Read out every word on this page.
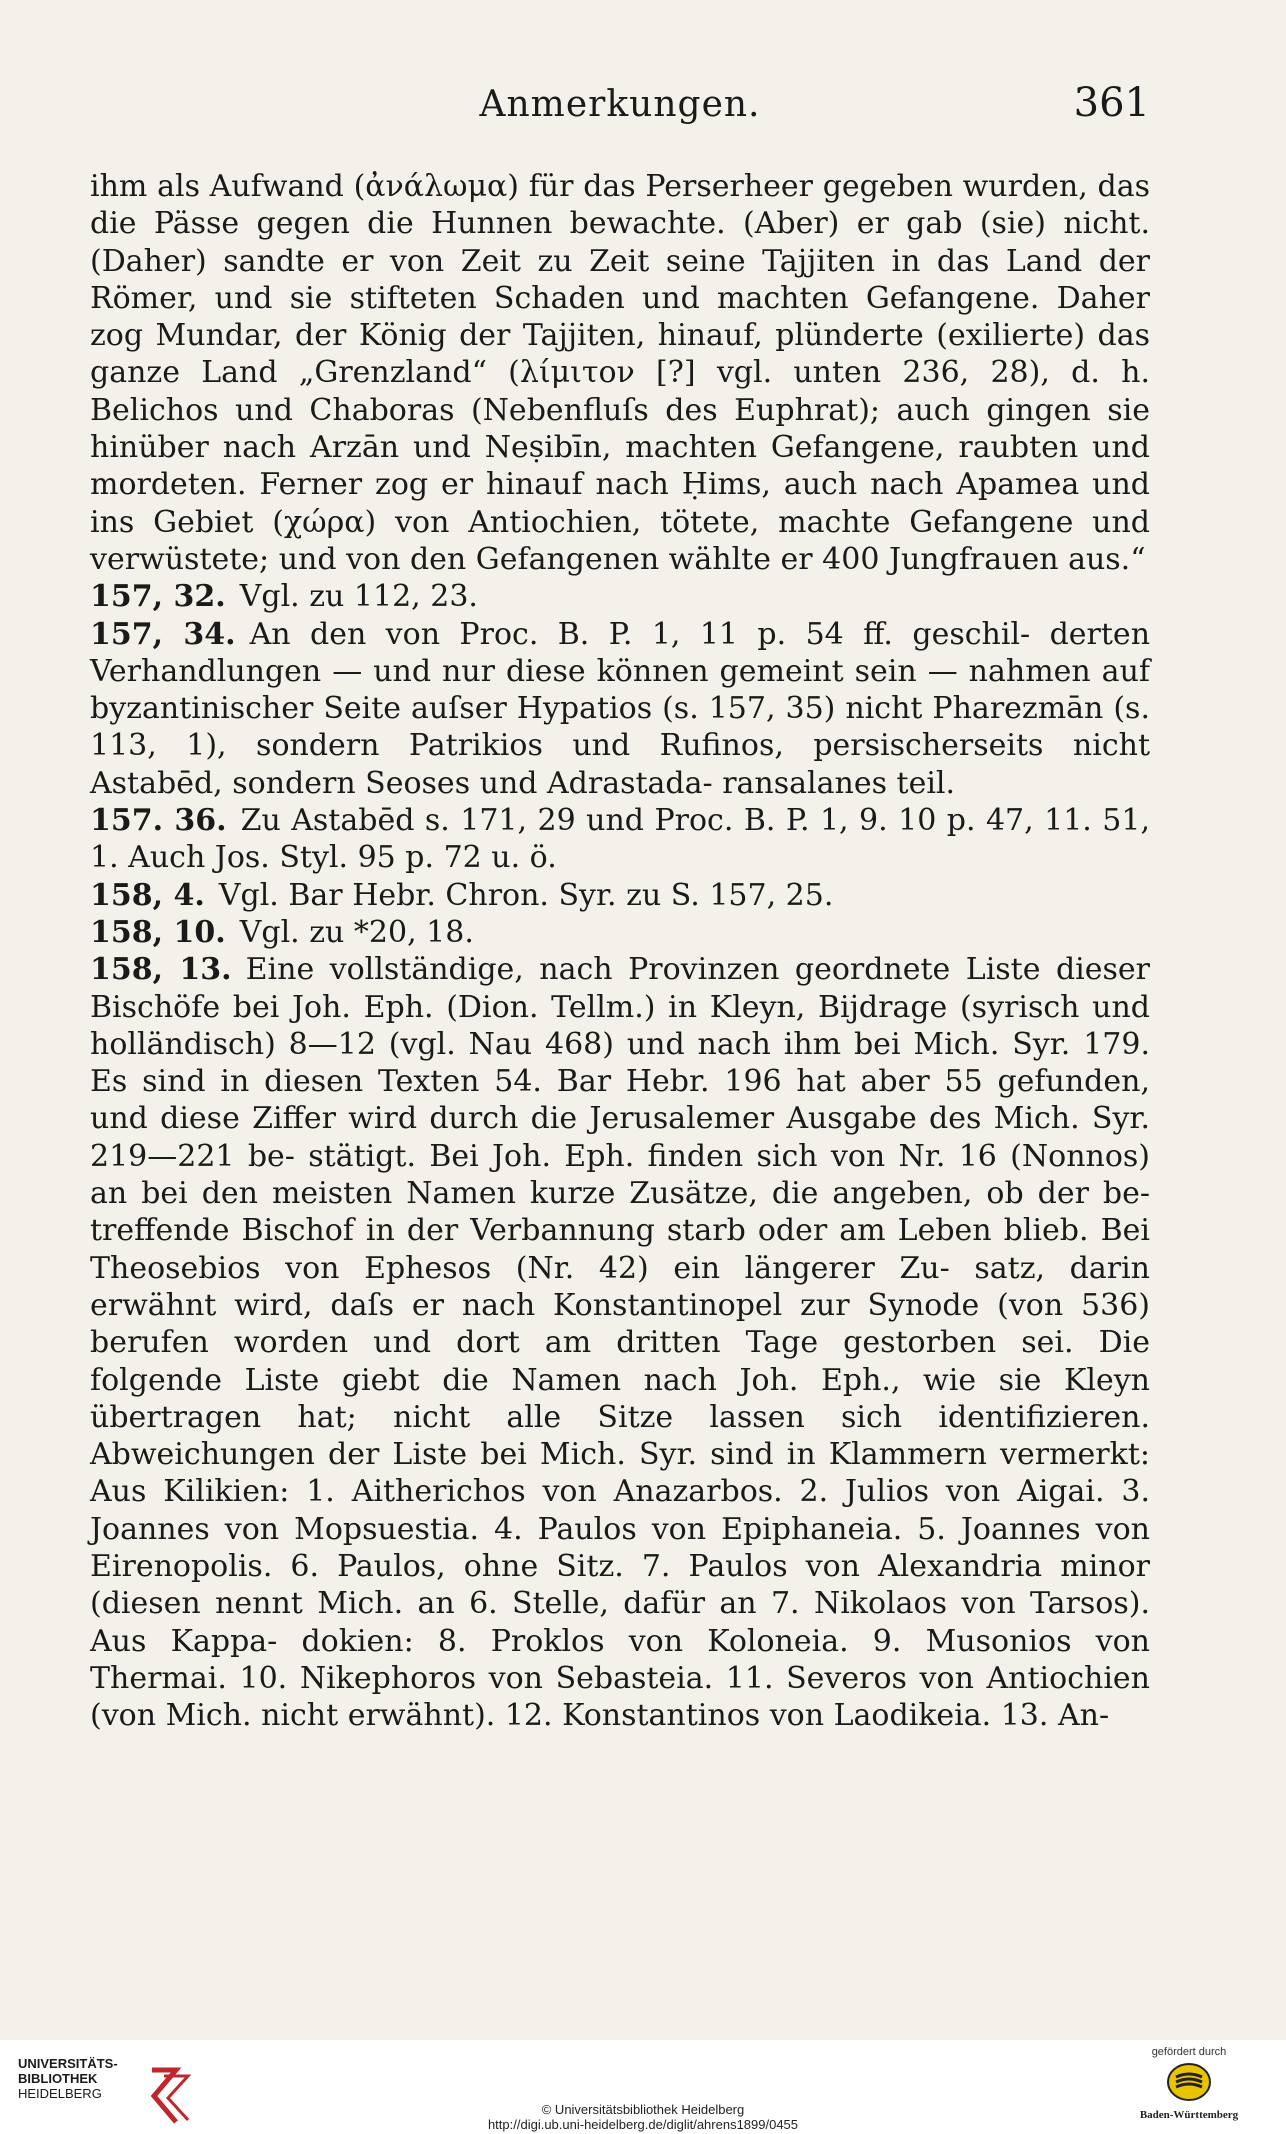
Anmerkungen.	361

ihm als Aufwand (ἀνάλωμα) für das Perserheer gegeben wurden, das die Pässe gegen die Hunnen bewachte. (Aber) er gab (sie) nicht. (Daher) sandte er von Zeit zu Zeit seine Tajjiten in das Land der Römer, und sie stifteten Schaden und machten Gefangene. Daher zog Mundar, der König der Tajjiten, hinauf, plünderte (exilierte) das ganze Land „Grenzland“ (λίμιτον [?] vgl. unten 236, 28), d. h. Belichos und Chaboras (Nebenfluſs des Euphrat); auch gingen sie hinüber nach Arzān und Neṣibīn, machten Gefangene, raubten und mordeten. Ferner zog er hinauf nach Ḥims, auch nach Apamea und ins Gebiet (χώρα) von Antiochien, tötete, machte Gefangene und verwüstete; und von den Gefangenen wählte er 400 Jungfrauen aus.“

157, 32. Vgl. zu 112, 23.

157, 34. An den von Proc. B. P. 1, 11 p. 54 ff. geschil- derten Verhandlungen — und nur diese können gemeint sein — nahmen auf byzantinischer Seite auſser Hypatios (s. 157, 35) nicht Pharezmān (s. 113, 1), sondern Patrikios und Rufinos, persischerseits nicht Astabēd, sondern Seoses und Adrastada- ransalanes teil.

157. 36. Zu Astabēd s. 171, 29 und Proc. B. P. 1, 9. 10 p. 47, 11. 51, 1. Auch Jos. Styl. 95 p. 72 u. ö.

158, 4. Vgl. Bar Hebr. Chron. Syr. zu S. 157, 25.

158, 10. Vgl. zu *20, 18.

158, 13. Eine vollständige, nach Provinzen geordnete Liste dieser Bischöfe bei Joh. Eph. (Dion. Tellm.) in Kleyn, Bijdrage (syrisch und holländisch) 8—12 (vgl. Nau 468) und nach ihm bei Mich. Syr. 179. Es sind in diesen Texten 54. Bar Hebr. 196 hat aber 55 gefunden, und diese Ziffer wird durch die Jerusalemer Ausgabe des Mich. Syr. 219—221 be- stätigt. Bei Joh. Eph. finden sich von Nr. 16 (Nonnos) an bei den meisten Namen kurze Zusätze, die angeben, ob der be- treffende Bischof in der Verbannung starb oder am Leben blieb. Bei Theosebios von Ephesos (Nr. 42) ein längerer Zu- satz, darin erwähnt wird, daſs er nach Konstantinopel zur Synode (von 536) berufen worden und dort am dritten Tage gestorben sei. Die folgende Liste giebt die Namen nach Joh. Eph., wie sie Kleyn übertragen hat; nicht alle Sitze lassen sich identifizieren. Abweichungen der Liste bei Mich. Syr. sind in Klammern vermerkt: Aus Kilikien: 1. Aitherichos von Anazarbos. 2. Julios von Aigai. 3. Joannes von Mopsuestia. 4. Paulos von Epiphaneia. 5. Joannes von Eirenopolis. 6. Paulos, ohne Sitz. 7. Paulos von Alexandria minor (diesen nennt Mich. an 6. Stelle, dafür an 7. Nikolaos von Tarsos). Aus Kappa- dokien: 8. Proklos von Koloneia. 9. Musonios von Thermai. 10. Nikephoros von Sebasteia. 11. Severos von Antiochien (von Mich. nicht erwähnt). 12. Konstantinos von Laodikeia. 13. An-

UNIVERSITÄTS-
BIBLIOTHEK
HEIDELBERG
© Universitätsbibliothek Heidelberg
http://digi.ub.uni-heidelberg.de/diglit/ahrens1899/0455
gefördert durch
Baden-Württemberg
